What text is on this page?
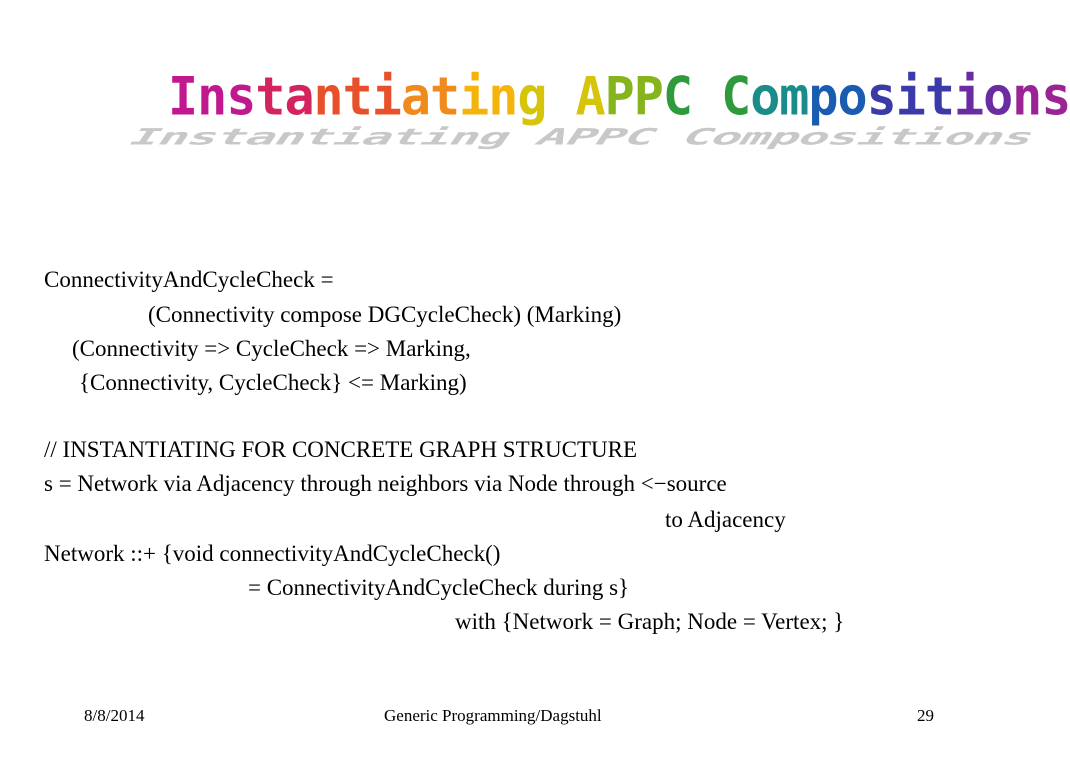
Instantiating APPC Compositions
Instantiating APPC Compositions
ConnectivityAndCycleCheck =
(Connectivity compose DGCycleCheck) (Marking)
(Connectivity => CycleCheck => Marking,
{Connectivity, CycleCheck} <= Marking)
// INSTANTIATING FOR CONCRETE GRAPH STRUCTURE
s = Network via Adjacency through neighbors via Node through <−source
to Adjacency
Network ::+ {void connectivityAndCycleCheck()
= ConnectivityAndCycleCheck during s}
with {Network = Graph; Node = Vertex; }
8/8/2014	Generic Programming/Dagstuhl	29
